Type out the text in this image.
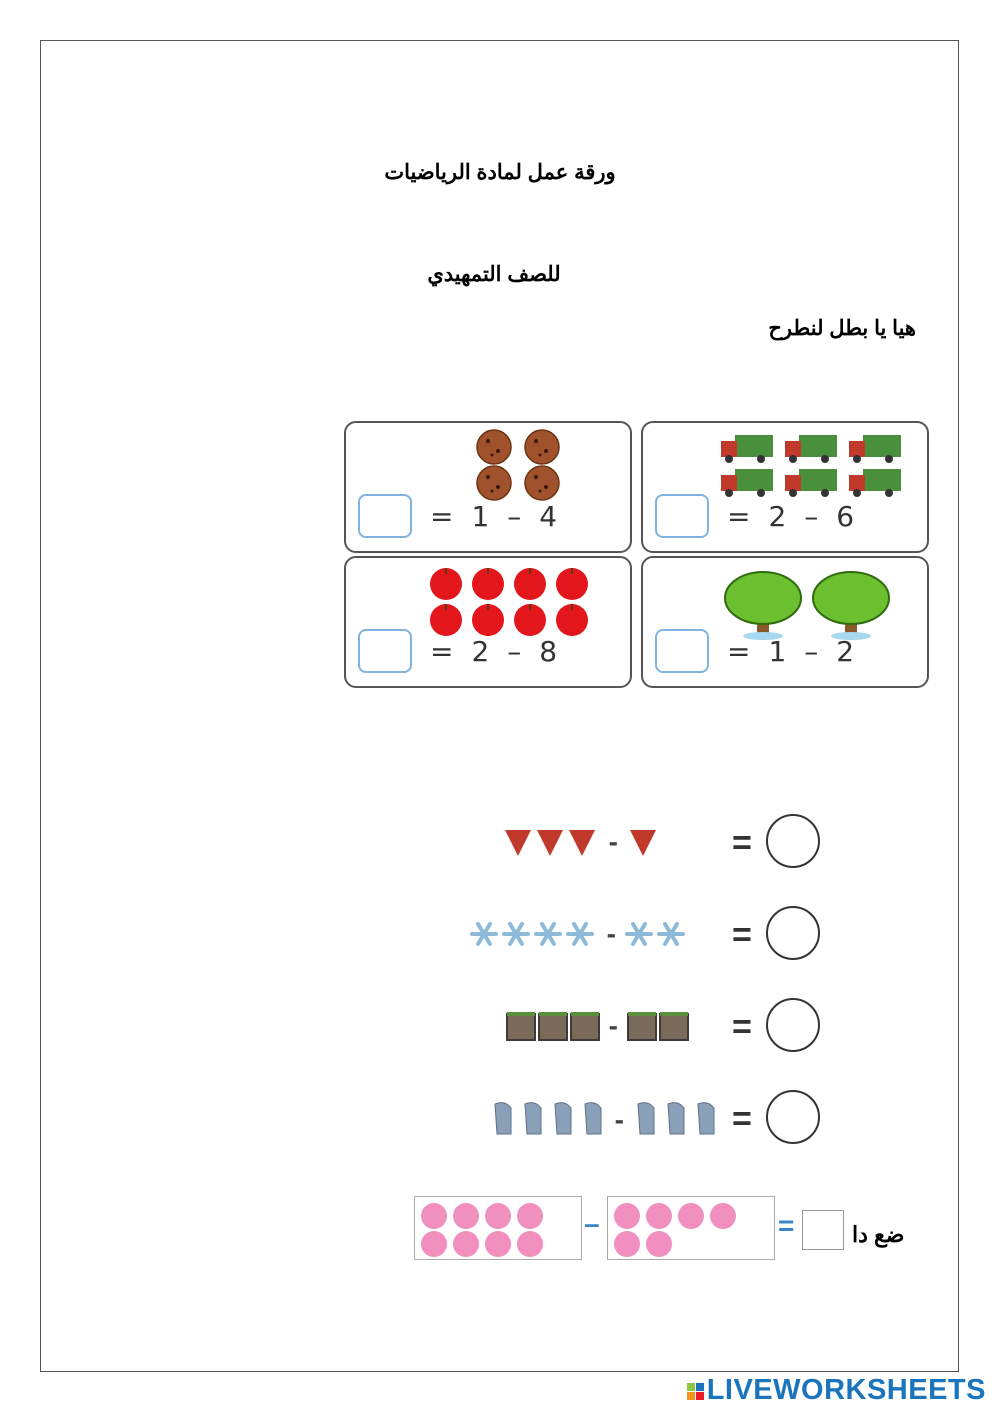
ورقة عمل لمادة الرياضيات
للصف التمهيدي
هيا يا بطل لنطرح
= 1 – 4	= 2 – 6
= 2 – 8	= 1 – 2
-	=
-	=
-	=
-	=
–	=	ضع دا
LIVEWORKSHEETS
